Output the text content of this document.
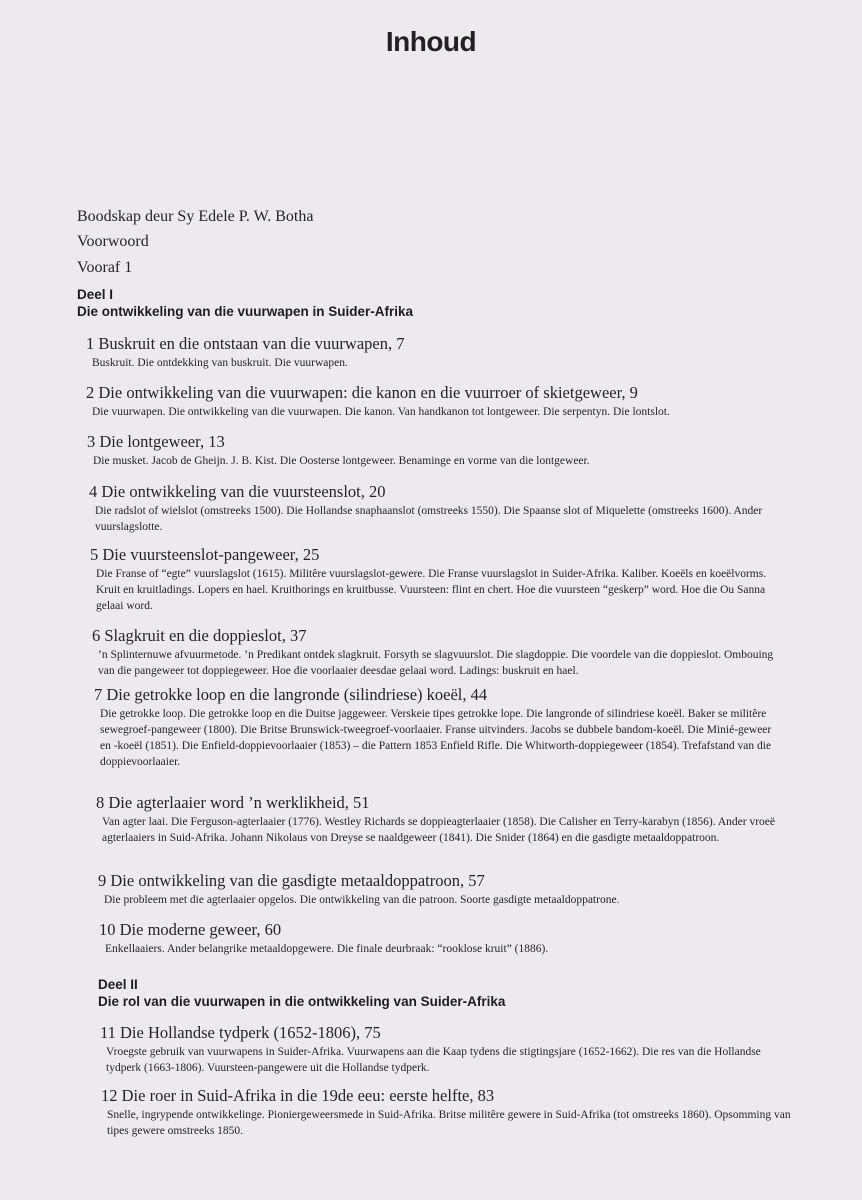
Inhoud
Boodskap deur Sy Edele P. W. Botha
Voorwoord
Vooraf 1
Deel I
Die ontwikkeling van die vuurwapen in Suider-Afrika

1 Buskruit en die ontstaan van die vuurwapen, 7

Buskruit. Die ontdekking van buskruit. Die vuurwapen.

2 Die ontwikkeling van die vuurwapen: die kanon en die vuurroer of skietgeweer, 9

Die vuurwapen. Die ontwikkeling van die vuurwapen. Die kanon. Van handkanon tot lontgeweer. Die serpentyn. Die lontslot.

3 Die lontgeweer, 13

Die musket. Jacob de Gheijn. J. B. Kist. Die Oosterse lontgeweer. Benaminge en vorme van die lontgeweer.

4 Die ontwikkeling van die vuursteenslot, 20

Die radslot of wielslot (omstreeks 1500). Die Hollandse snaphaanslot (omstreeks 1550). Die Spaanse slot of Miquelette (omstreeks 1600). Ander vuurslagslotte.

5 Die vuursteenslot-pangeweer, 25

Die Franse of “egte” vuurslagslot (1615). Militêre vuurslagslot-gewere. Die Franse vuurslagslot in Suider-Afrika. Kaliber. Koeëls en koeëlvorms. Kruit en kruitladings. Lopers en hael. Kruithorings en kruitbusse. Vuursteen: flint en chert. Hoe die vuursteen “geskerp” word. Hoe die Ou Sanna gelaai word.

6 Slagkruit en die doppieslot, 37

’n Splinternuwe afvuurmetode. ’n Predikant ontdek slagkruit. Forsyth se slagvuurslot. Die slagdoppie. Die voordele van die doppieslot. Ombouing van die pangeweer tot doppiegeweer. Hoe die voorlaaier deesdae gelaai word. Ladings: buskruit en hael.

7 Die getrokke loop en die langronde (silindriese) koeël, 44

Die getrokke loop. Die getrokke loop en die Duitse jaggeweer. Verskeie tipes getrokke lope. Die langronde of silindriese koeël. Baker se militêre sewegroef-pangeweer (1800). Die Britse Brunswick-tweegroef-voorlaaier. Franse uitvinders. Jacobs se dubbele bandom-koeël. Die Minié-geweer en -koeël (1851). Die Enfield-doppievoorlaaier (1853) – die Pattern 1853 Enfield Rifle. Die Whitworth-doppiegeweer (1854). Trefafstand van die doppievoorlaaier.

8 Die agterlaaier word ’n werklikheid, 51

Van agter laai. Die Ferguson-agterlaaier (1776). Westley Richards se doppieagterlaaier (1858). Die Calisher en Terry-karabyn (1856). Ander vroeë agterlaaiers in Suid-Afrika. Johann Nikolaus von Dreyse se naaldgeweer (1841). Die Snider (1864) en die gasdigte metaaldoppatroon.

9 Die ontwikkeling van die gasdigte metaaldoppatroon, 57

Die probleem met die agterlaaier opgelos. Die ontwikkeling van die patroon. Soorte gasdigte metaaldoppatrone.

10 Die moderne geweer, 60

Enkellaaiers. Ander belangrike metaaldopgewere. Die finale deurbraak: “rooklose kruit” (1886).

Deel II
Die rol van die vuurwapen in die ontwikkeling van Suider-Afrika

11 Die Hollandse tydperk (1652-1806), 75

Vroegste gebruik van vuurwapens in Suider-Afrika. Vuurwapens aan die Kaap tydens die stigtingsjare (1652-1662). Die res van die Hollandse tydperk (1663-1806). Vuursteen-pangewere uit die Hollandse tydperk.

12 Die roer in Suid-Afrika in die 19de eeu: eerste helfte, 83

Snelle, ingrypende ontwikkelinge. Pioniergeweersmede in Suid-Afrika. Britse militêre gewere in Suid-Afrika (tot omstreeks 1860). Opsomming van tipes gewere omstreeks 1850.
